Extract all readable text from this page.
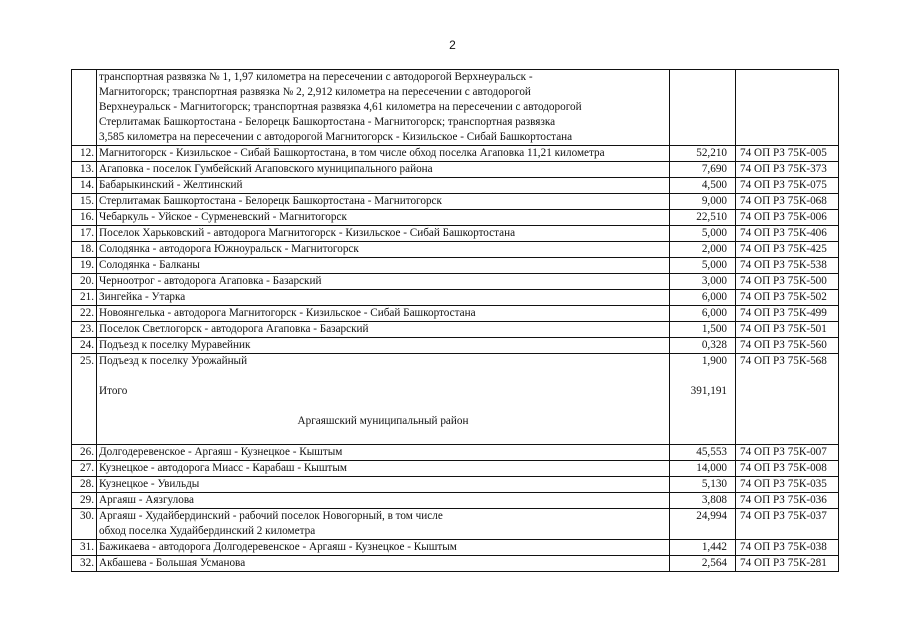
2

	транспортная развязка № 1, 1,97 километра на пересечении с автодорогой Верхнеуральск -
Магнитогорск; транспортная развязка № 2, 2,912 километра на пересечении с автодорогой
Верхнеуральск - Магнитогорск; транспортная развязка 4,61 километра на пересечении с автодорогой
Стерлитамак Башкортостана - Белорецк Башкортостана - Магнитогорск; транспортная развязка
3,585 километра на пересечении с автодорогой Магнитогорск - Кизильское - Сибай Башкортостана		

12.	Магнитогорск - Кизильское - Сибай Башкортостана, в том числе обход поселка Агаповка 11,21 километра	52,210	74 ОП РЗ 75К-005
13.	Агаповка - поселок Гумбейский Агаповского муниципального района	7,690	74 ОП РЗ 75К-373
14.	Бабарыкинский - Желтинский	4,500	74 ОП РЗ 75К-075
15.	Стерлитамак Башкортостана - Белорецк Башкортостана - Магнитогорск	9,000	74 ОП РЗ 75К-068
16.	Чебаркуль - Уйское - Сурменевский - Магнитогорск	22,510	74 ОП РЗ 75К-006
17.	Поселок Харьковский - автодорога Магнитогорск - Кизильское - Сибай Башкортостана	5,000	74 ОП РЗ 75К-406
18.	Солодянка - автодорога Южноуральск - Магнитогорск	2,000	74 ОП РЗ 75К-425
19.	Солодянка - Балканы	5,000	74 ОП РЗ 75К-538
20.	Черноотрог - автодорога Агаповка - Базарский	3,000	74 ОП РЗ 75К-500
21.	Зингейка - Утарка	6,000	74 ОП РЗ 75К-502
22.	Новоянгелька - автодорога Магнитогорск - Кизильское - Сибай Башкортостана	6,000	74 ОП РЗ 75К-499
23.	Поселок Светлогорск - автодорога Агаповка - Базарский	1,500	74 ОП РЗ 75К-501
24.	Подъезд к поселку Муравейник	0,328	74 ОП РЗ 75К-560
25.	Подъезд к поселку Урожайный	1,900	74 ОП РЗ 75К-568

	Итого	391,191	

	Аргаяшский муниципальный район		

26.	Долгодеревенское - Аргаяш - Кузнецкое - Кыштым	45,553	74 ОП РЗ 75К-007
27.	Кузнецкое - автодорога Миасс - Карабаш - Кыштым	14,000	74 ОП РЗ 75К-008
28.	Кузнецкое - Увильды	5,130	74 ОП РЗ 75К-035
29.	Аргаяш - Аязгулова	3,808	74 ОП РЗ 75К-036
30.	Аргаяш - Худайбердинский - рабочий поселок Новогорный, в том числе
обход поселка Худайбердинский 2 километра	24,994	74 ОП РЗ 75К-037
31.	Бажикаева - автодорога Долгодеревенское - Аргаяш - Кузнецкое - Кыштым	1,442	74 ОП РЗ 75К-038
32.	Акбашева - Большая Усманова	2,564	74 ОП РЗ 75К-281
